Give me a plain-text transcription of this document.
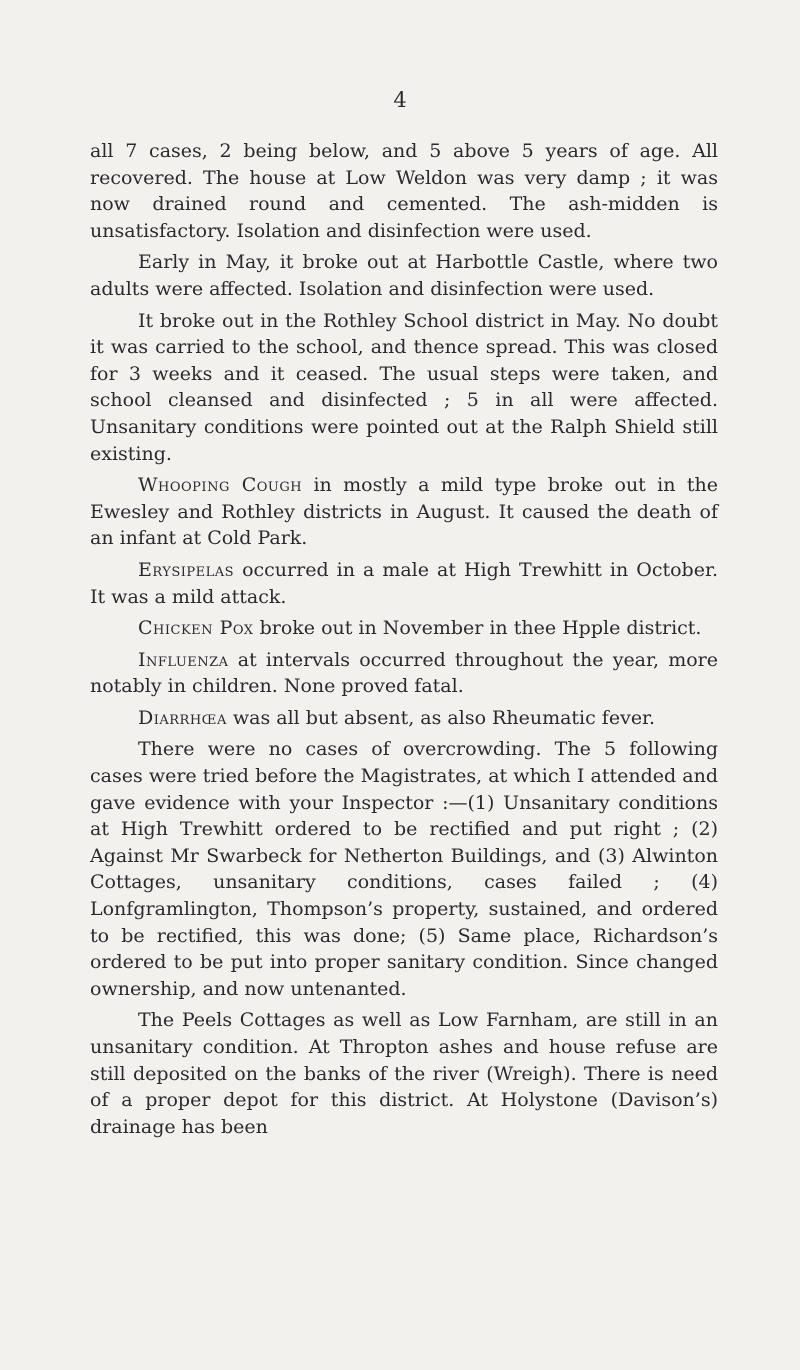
4

all 7 cases, 2 being below, and 5 above 5 years of age. All recovered. The house at Low Weldon was very damp ; it was now drained round and cemented. The ash-midden is unsatisfactory. Isolation and disinfection were used.

Early in May, it broke out at Harbottle Castle, where two adults were affected. Isolation and disinfection were used.

It broke out in the Rothley School district in May. No doubt it was carried to the school, and thence spread. This was closed for 3 weeks and it ceased. The usual steps were taken, and school cleansed and disinfected ; 5 in all were affected. Unsanitary conditions were pointed out at the Ralph Shield still existing.

Whooping Cough in mostly a mild type broke out in the Ewesley and Rothley districts in August. It caused the death of an infant at Cold Park.

Erysipelas occurred in a male at High Trewhitt in October. It was a mild attack.

Chicken Pox broke out in November in thee Hpple district.

Influenza at intervals occurred throughout the year, more notably in children. None proved fatal.

Diarrhœa was all but absent, as also Rheumatic fever.

There were no cases of overcrowding. The 5 following cases were tried before the Magistrates, at which I attended and gave evidence with your Inspector :—(1) Unsanitary conditions at High Trewhitt ordered to be rectified and put right ; (2) Against Mr Swarbeck for Netherton Buildings, and (3) Alwinton Cottages, unsanitary conditions, cases failed ; (4) Lonfgramlington, Thompson’s property, sustained, and ordered to be rectified, this was done; (5) Same place, Richardson’s ordered to be put into proper sanitary condition. Since changed ownership, and now untenanted.

The Peels Cottages as well as Low Farnham, are still in an unsanitary condition. At Thropton ashes and house refuse are still deposited on the banks of the river (Wreigh). There is need of a proper depot for this district. At Holystone (Davison’s) drainage has been
